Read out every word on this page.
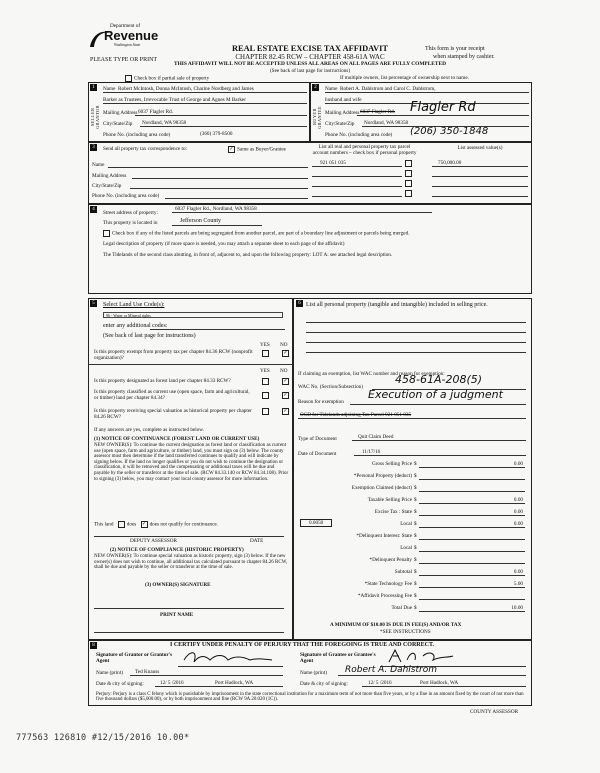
Department of
Revenue
Washington State
PLEASE TYPE OR PRINT
REAL ESTATE EXCISE TAX AFFIDAVIT
CHAPTER 82.45 RCW – CHAPTER 458-61A WAC
THIS AFFIDAVIT WILL NOT BE ACCEPTED UNLESS ALL AREAS ON ALL PAGES ARE FULLY COMPLETED
(See back of last page for instructions)
This form is your receipt
when stamped by cashier.
Check box if partial sale of property	If multiple owners, list percentage of ownership next to name.
1
SELLER GRANTOR
Name Robert McIntosh, Donna McIntosh, Charine Nordberg and James
Barker as Trustees, Irrevocable Trust of George and Agnes M Barker
Mailing Address 6037 Flagler Rd.
City/State/Zip Nordland, WA 98358
Phone No. (including area code)	(360) 379-8500
2
BUYER GRANTEE
Name Robert A. Dahlstrom and Carol C. Dahlstrom,
husband and wife
Mailing Address 6037 Flagler Rd. Flagler Rd
City/State/Zip Nordland, WA 98358
Phone No. (including area code) (206) 350-1848
3	Send all property tax correspondence to:	✓ Same as Buyer/Grantee
Name
Mailing Address
City/State/Zip
Phone No. (including area code)
List all real and personal property tax parcel account numbers – check box if personal property
List assessed value(s)
921 051 035	750,000.00
4
Street address of property:
6037 Flagler Rd., Nordland, WA 98358
This property is located in	Jefferson County
Check box if any of the listed parcels are being segregated from another parcel, are part of a boundary line adjustment or parcels being merged.
Legal description of property (if more space is needed, you may attach a separate sheet to each page of the affidavit)
The Tidelands of the second class abutting, in front of, adjacent to, and upon the following property: LOT A: see attached legal description.
5	Select Land Use Code(s):
96 - Water or Mineral rights
enter any additional codes:
(See back of last page for instructions)
YES NO
Is this property exempt from property tax per chapter 84.36 RCW (nonprofit organization)?
✓
YES NO
Is this property designated as forest land per chapter 84.33 RCW?	✓
Is this property classified as current use (open space, farm and agricultural, or timber) land per chapter 84.34?	✓
Is this property receiving special valuation as historical property per chapter 84.26 RCW?
✓
If any answers are yes, complete as instructed below.
(1) NOTICE OF CONTINUANCE (FOREST LAND OR CURRENT USE)
NEW OWNER(S): To continue the current designation as forest land or classification as current use (open space, farm and agriculture, or timber) land, you must sign on (3) below. The county assessor must then determine if the land transferred continues to qualify and will indicate by signing below. If the land no longer qualifies or you do not wish to continue the designation or classification, it will be removed and the compensating or additional taxes will be due and payable by the seller or transferor at the time of sale. (RCW 84.33.140 or RCW 84.34.108). Prior to signing (3) below, you may contact your local county assessor for more information.
This land	does ✓ does not qualify for continuance.
DEPUTY ASSESSOR	DATE
(2) NOTICE OF COMPLIANCE (HISTORIC PROPERTY)
NEW OWNER(S): To continue special valuation as historic property, sign (3) below. If the new owner(s) does not wish to continue, all additional tax calculated pursuant to chapter 84.26 RCW, shall be due and payable by the seller or transferor at the time of sale.
(3) OWNER(S) SIGNATURE
PRINT NAME
6 List all personal property (tangible and intangible) included in selling price.
If claiming an exemption, list WAC number and reason for exemption:
WAC No. (Section/Subsection)
458-61A-208(5)
Reason for exemption
Execution of a judgment
OCD for Tidelands adjoining Tax Parcel 921 051 035
Type of Document	Quit Claim Deed
Date of Document	11/17/16
Gross Selling Price $	0.00
*Personal Property (deduct) $
Exemption Claimed (deduct) $
Taxable Selling Price $	0.00
Excise Tax : State $	0.00
0.0050	Local $	0.00
*Delinquent Interest: State $
Local $
*Delinquent Penalty $
Subtotal $	0.00
*State Technology Fee $	5.00
*Affidavit Processing Fee $
Total Due $	10.00
A MINIMUM OF $10.00 IS DUE IN FEE(S) AND/OR TAX
*SEE INSTRUCTIONS
8	I CERTIFY UNDER PENALTY OF PERJURY THAT THE FOREGOING IS TRUE AND CORRECT.
Signature of Grantor or Grantor's Agent
Name (print) Ted Knauss
Date & city of signing:	12/ 5 /2016	Port Hadlock, WA
Signature of Grantee or Grantee's Agent
Name (print) Robert A. Dahlstrom
Date & city of signing:	12/ 5 /2016	Port Hadlock, WA
Perjury: Perjury is a class C felony which is punishable by imprisonment in the state correctional institution for a maximum term of not more than five years, or by a fine in an amount fixed by the court of not more than five thousand dollars ($5,000.00), or by both imprisonment and fine (RCW 9A.20.020 (1C)).
COUNTY ASSESSOR
777563 126810 #12/15/2016 10.00*
